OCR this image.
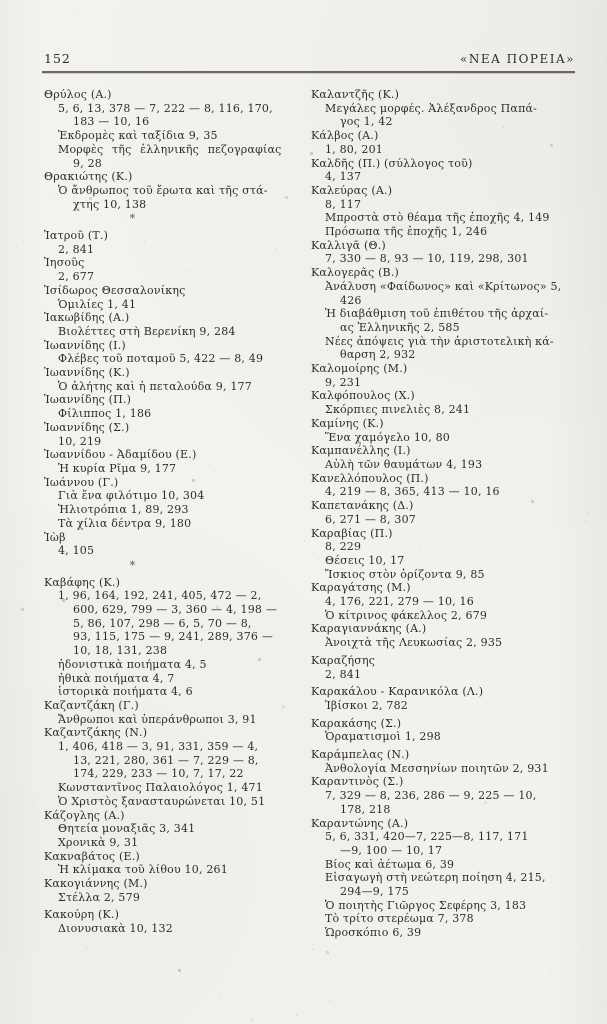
152	«ΝΕΑ ΠΟΡΕΙΑ»
Θρύλος (Α.)
5, 6, 13, 378 — 7, 222 — 8, 116, 170,
183 — 10, 16
Ἐκδρομὲς καὶ ταξίδια 9, 35
Μορφὲς τῆς ἑλληνικῆς πεζογραφίας
9, 28
Θρακιώτης (Κ.)
Ὁ ἄνθρωπος τοῦ ἔρωτα καὶ τῆς στά-
χτης 10, 138
*
Ἰατροῦ (Τ.)
2, 841
Ἰησοῦς
2, 677
Ἰσίδωρος Θεσσαλονίκης
Ὁμιλίες 1, 41
Ἰακωβίδης (Α.)
Βιολέττες στὴ Βερενίκη 9, 284
Ἰωαννίδης (Ι.)
Φλέβες τοῦ ποταμοῦ 5, 422 — 8, 49
Ἰωαννίδης (Κ.)
Ὁ ἀλήτης καὶ ἡ πεταλούδα 9, 177
Ἰωαννίδης (Π.)
Φίλιππος 1, 186
Ἰωαννίδης (Σ.)
10, 219
Ἰωαννίδου - Ἀδαμίδου (Ε.)
Ἡ κυρία Ρῖμα 9, 177
Ἰωάννου (Γ.)
Γιὰ ἕνα φιλότιμο 10, 304
Ἡλιοτρόπια 1, 89, 293
Τὰ χίλια δέντρα 9, 180
Ἰὼβ
4, 105
*
Καβάφης (Κ.)
1, 96, 164, 192, 241, 405, 472 — 2,
600, 629, 799 — 3, 360 — 4, 198 —
5, 86, 107, 298 — 6, 5, 70 — 8,
93, 115, 175 — 9, 241, 289, 376 —
10, 18, 131, 238
ἡδονιστικὰ ποιήματα 4, 5
ἠθικὰ ποιήματα 4, 7
ἱστορικὰ ποιήματα 4, 6
Καζαντζάκη (Γ.)
Ἄνθρωποι καὶ ὑπεράνθρωποι 3, 91
Καζαντζάκης (Ν.)
1, 406, 418 — 3, 91, 331, 359 — 4,
13, 221, 280, 361 — 7, 229 — 8,
174, 229, 233 — 10, 7, 17, 22
Κωνσταντῖνος Παλαιολόγος 1, 471
Ὁ Χριστὸς ξανασταυρώνεται 10, 51
Κάζογλης (Α.)
Θητεία μοναξιᾶς 3, 341
Χρονικὰ 9, 31
Κακναβάτος (Ε.)
Ἡ κλίμακα τοῦ λίθου 10, 261
Κακογιάννης (Μ.)
Στέλλα 2, 579
Κακούρη (Κ.)
Διονυσιακὰ 10, 132
Καλαντζῆς (Κ.)
Μεγάλες μορφές. Ἀλέξανδρος Παπά-
γος 1, 42
Κάλβος (Α.)
1, 80, 201
Καλδῆς (Π.) (σύλλογος τοῦ)
4, 137
Καλεύρας (Α.)
8, 117
Μπροστὰ στὸ θέαμα τῆς ἐποχῆς 4, 149
Πρόσωπα τῆς ἐποχῆς 1, 246
Καλλιγᾶ (Θ.)
7, 330 — 8, 93 — 10, 119, 298, 301
Καλογερᾶς (Β.)
Ἀνάλυση «Φαίδωνος» καὶ «Κρίτωνος» 5,
426
Ἡ διαβάθμιση τοῦ ἐπιθέτου τῆς ἀρχαί-
ας Ἑλληνικῆς 2, 585
Νέες ἀπόψεις γιὰ τὴν ἀριστοτελικὴ κά-
θαρση 2, 932
Καλομοίρης (Μ.)
9, 231
Καλφόπουλος (Χ.)
Σκόρπιες πινελιὲς 8, 241
Καμίνης (Κ.)
Ἕνα χαμόγελο 10, 80
Καμπανέλλης (Ι.)
Αὐλὴ τῶν θαυμάτων 4, 193
Κανελλόπουλος (Π.)
4, 219 — 8, 365, 413 — 10, 16
Καπετανάκης (Δ.)
6, 271 — 8, 307
Καραβίας (Π.)
8, 229
Θέσεις 10, 17
Ἴσκιος στὸν ὁρίζοντα 9, 85
Καραγάτσης (Μ.)
4, 176, 221, 279 — 10, 16
Ὁ κίτρινος φάκελλος 2, 679
Καραγιαννάκης (Α.)
Ἀνοιχτὰ τῆς Λευκωσίας 2, 935
Καραζήσης
2, 841
Καρακάλου - Καρανικόλα (Λ.)
Ἰβίσκοι 2, 782
Καρακάσης (Σ.)
Ὁραματισμοὶ 1, 298
Καράμπελας (Ν.)
Ἀνθολογία Μεσσηνίων ποιητῶν 2, 931
Καραντινὸς (Σ.)
7, 329 — 8, 236, 286 — 9, 225 — 10,
178, 218
Καραντώνης (Α.)
5, 6, 331, 420—7, 225—8, 117, 171
—9, 100 — 10, 17
Βίος καὶ ἀέτωμα 6, 39
Εἰσαγωγὴ στὴ νεώτερη ποίηση 4, 215,
294—9, 175
Ὁ ποιητὴς Γιῶργος Σεφέρης 3, 183
Τὸ τρίτο στερέωμα 7, 378
Ὡροσκόπιο 6, 39
